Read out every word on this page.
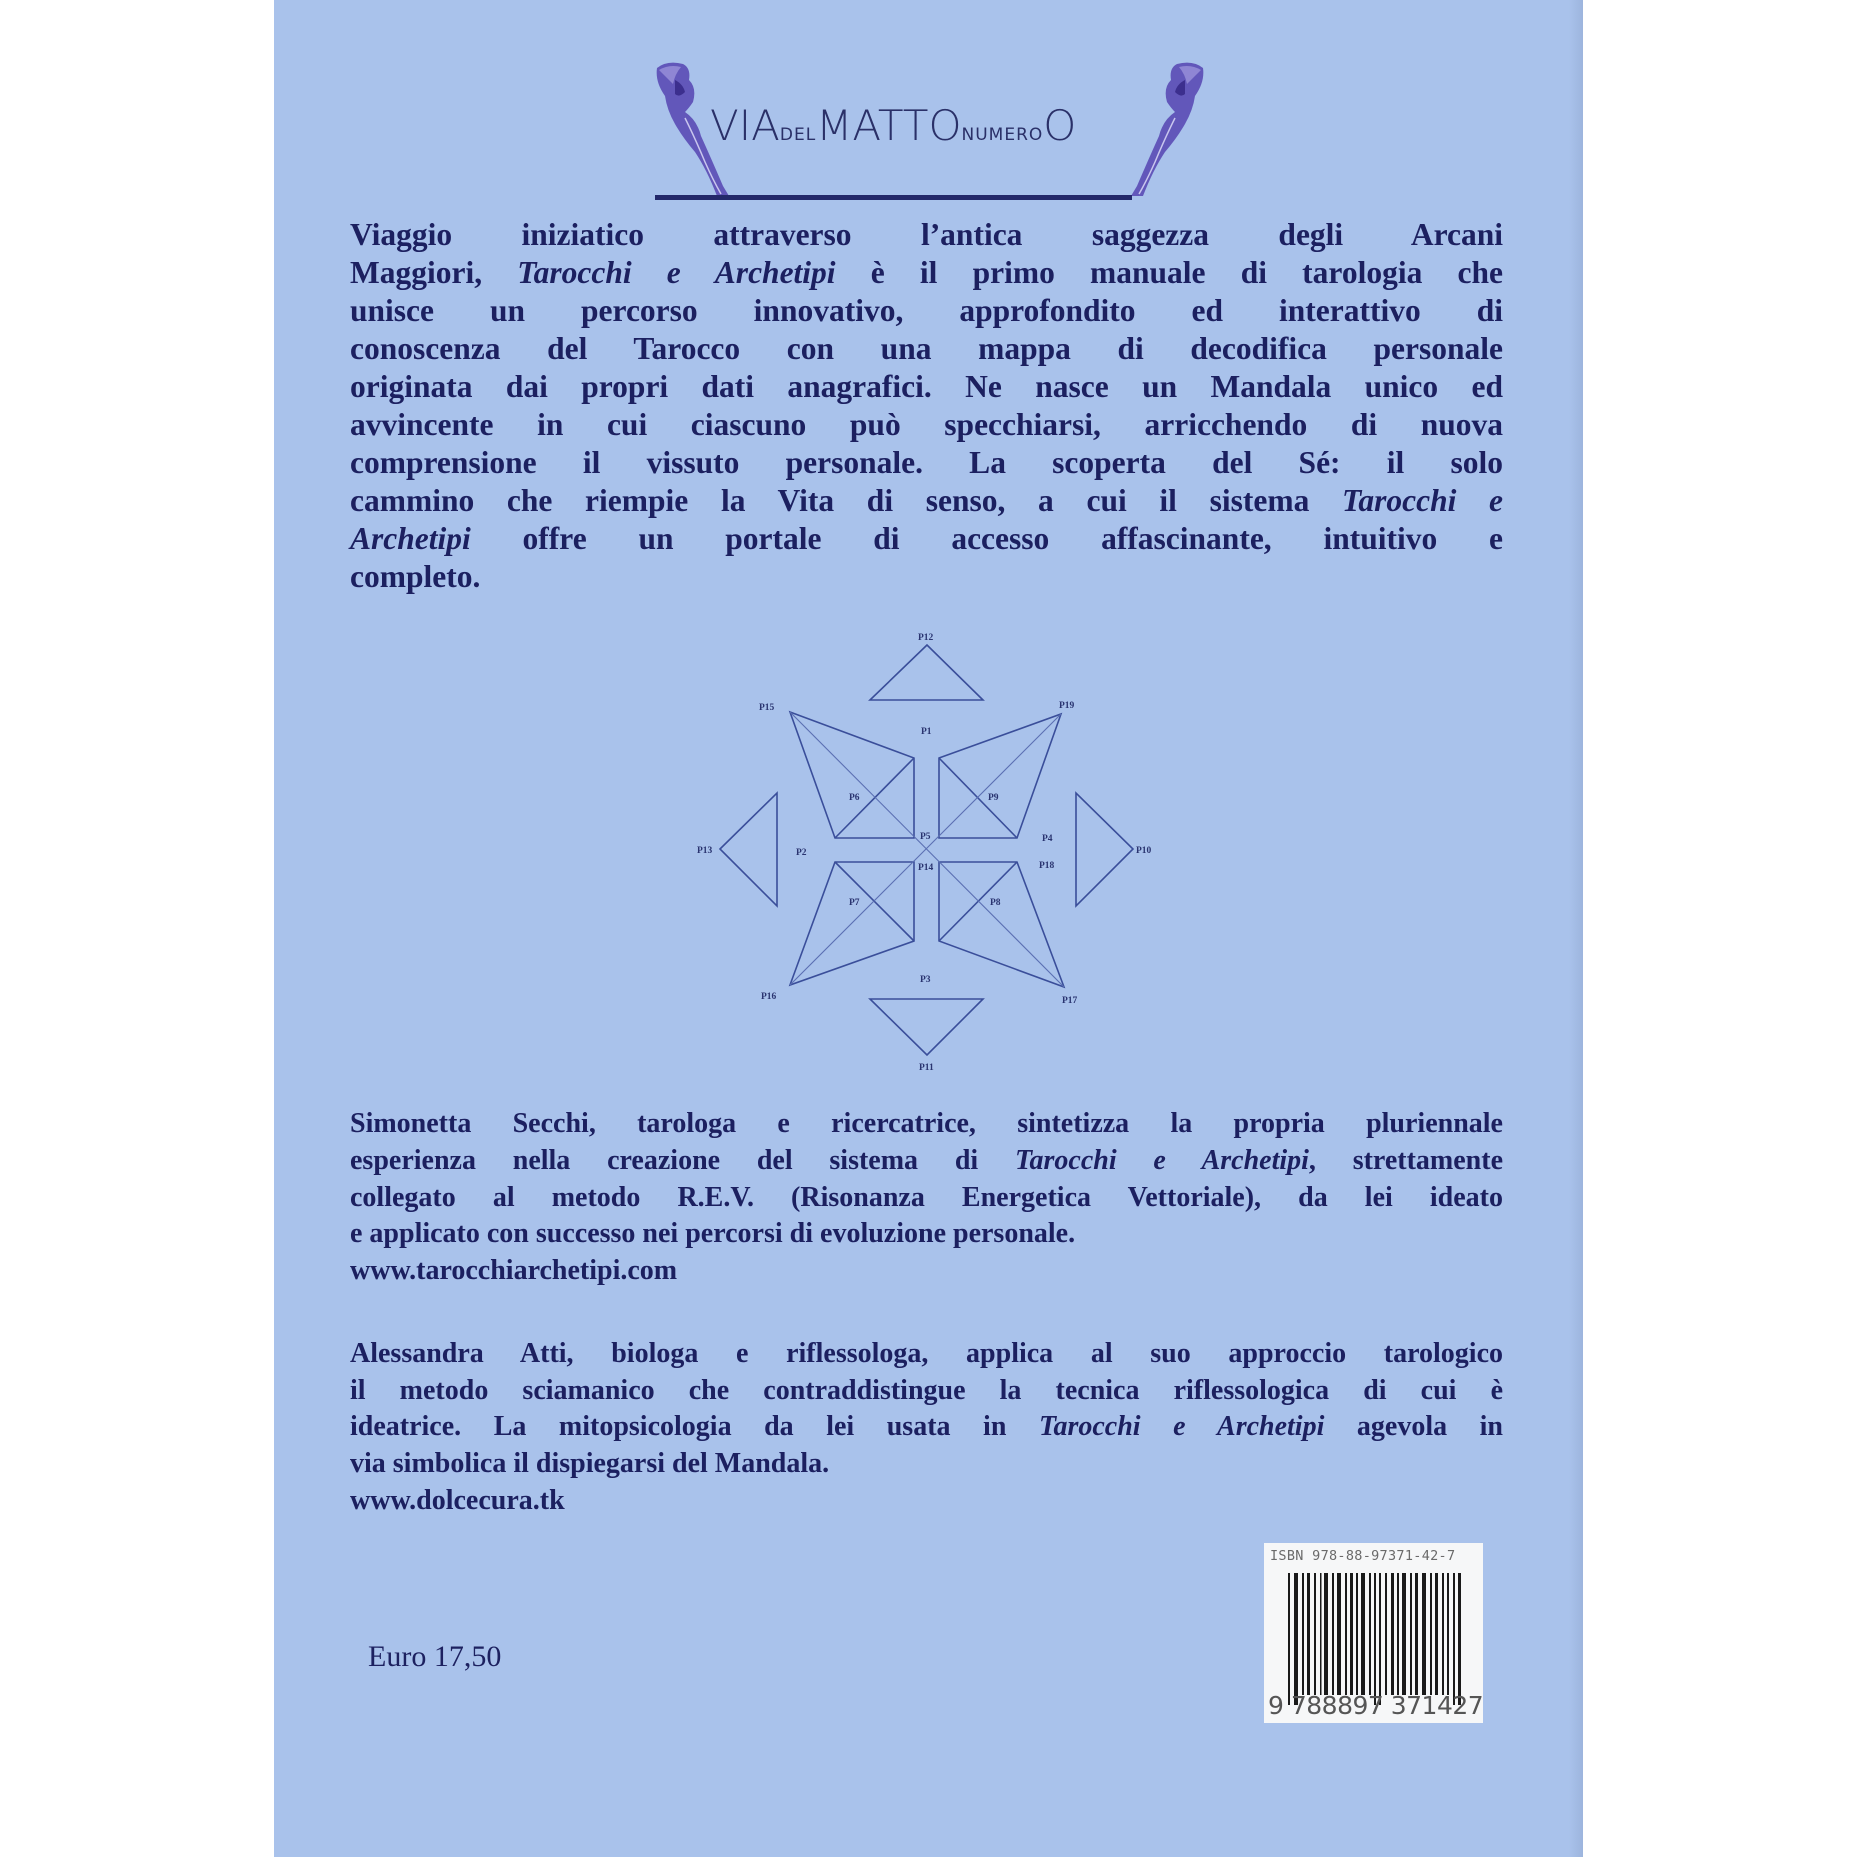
VIADELMATTONUMEROO
Viaggio iniziatico attraverso l’antica saggezza degli Arcani
Maggiori, Tarocchi e Archetipi è il primo manuale di tarologia che
unisce un percorso innovativo, approfondito ed interattivo di
conoscenza del Tarocco con una mappa di decodifica personale
originata dai propri dati anagrafici. Ne nasce un Mandala unico ed
avvincente in cui ciascuno può specchiarsi, arricchendo di nuova
comprensione il vissuto personale. La scoperta del Sé: il solo
cammino che riempie la Vita di senso, a cui il sistema Tarocchi e
Archetipi offre un portale di accesso affascinante, intuitivo e
completo.
P12
P1
P15	P19
P6	P9
P5	P4
P13	P2	P10
P14	P18
P7	P8
P3
P16	P17
P11
Simonetta Secchi, tarologa e ricercatrice, sintetizza la propria pluriennale
esperienza nella creazione del sistema di Tarocchi e Archetipi, strettamente
collegato al metodo R.E.V. (Risonanza Energetica Vettoriale), da lei ideato
e applicato con successo nei percorsi di evoluzione personale.
www.tarocchiarchetipi.com
Alessandra Atti, biologa e riflessologa, applica al suo approccio tarologico
il metodo sciamanico che contraddistingue la tecnica riflessologica di cui è
ideatrice. La mitopsicologia da lei usata in Tarocchi e Archetipi agevola in
via simbolica il dispiegarsi del Mandala.
www.dolcecura.tk
Euro 17,50
ISBN 978-88-97371-42-7
9 788897 371427
